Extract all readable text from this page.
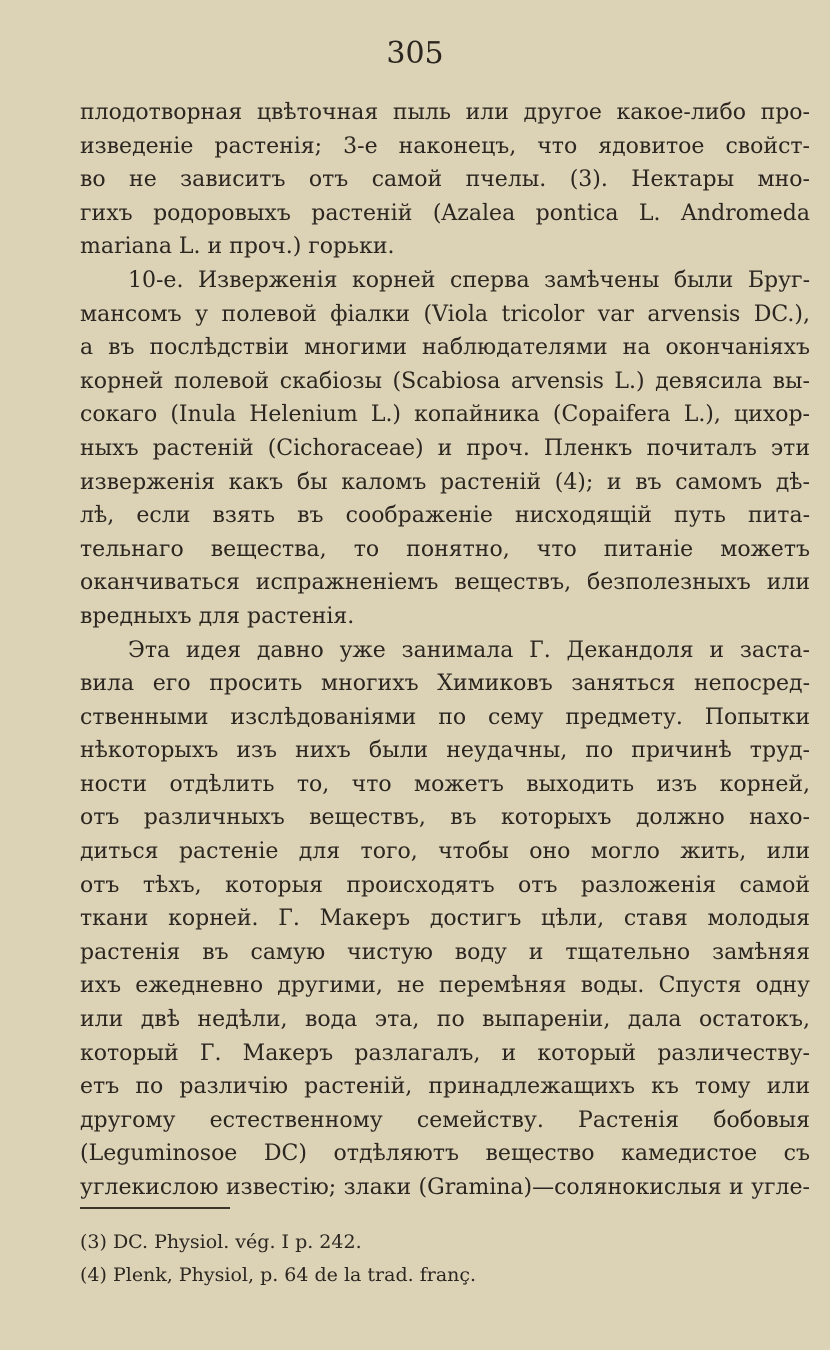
305
плодотворная цвѣточная пыль или другое какое-либо про-
изведеніе растенія; 3-е наконецъ, что ядовитое свойст-
во не зависитъ отъ самой пчелы. (3). Нектары мно-
гихъ родоровыхъ растеній (Azalea pontica L. Andromeda
mariana L. и проч.) горьки.
10-е. Изверженія корней сперва замѣчены были Бруг-
мансомъ у полевой фіалки (Viola tricolor var arvensis DC.),
а въ послѣдствіи многими наблюдателями на окончаніяхъ
корней полевой скабіозы (Scabiosa arvensis L.) девясила вы-
сокаго (Inula Helenium L.) копайника (Copaifera L.), цихор-
ныхъ растеній (Cichoraceae) и проч. Пленкъ почиталъ эти
изверженія какъ бы каломъ растеній (4); и въ самомъ дѣ-
лѣ, если взять въ соображеніе нисходящій путь пита-
тельнаго вещества, то понятно, что питаніе можетъ
оканчиваться испражненіемъ веществъ, безполезныхъ или
вредныхъ для растенія.
Эта идея давно уже занимала Г. Декандоля и застa-
вила его просить многихъ Химиковъ заняться непосред-
ственными изслѣдованіями по сему предмету. Попытки
нѣкоторыхъ изъ нихъ были неудачны, по причинѣ труд-
ности отдѣлить то, что можетъ выходить изъ корней,
отъ различныхъ веществъ, въ которыхъ должно нахо-
диться растеніе для того, чтобы оно могло жить, или
отъ тѣхъ, которыя происходятъ отъ разложенія самой
ткани корней. Г. Макеръ достигъ цѣли, ставя молодыя
растенія въ самую чистую воду и тщательно замѣняя
ихъ ежедневно другими, не перемѣняя воды. Спустя одну
или двѣ недѣли, вода эта, по выпареніи, дала остатокъ,
который Г. Макеръ разлагалъ, и который различеству-
етъ по различію растеній, принадлежащихъ къ тому или
другому естественному семейству. Растенія бобовыя
(Leguminosoe DC) отдѣляютъ вещество камедистое съ
углекислою известію; злаки (Gramina)—солянокислыя и угле-
(3) DC. Physiol. vég. I p. 242.
(4) Plenk, Physiol, p. 64 de la trad. franç.
